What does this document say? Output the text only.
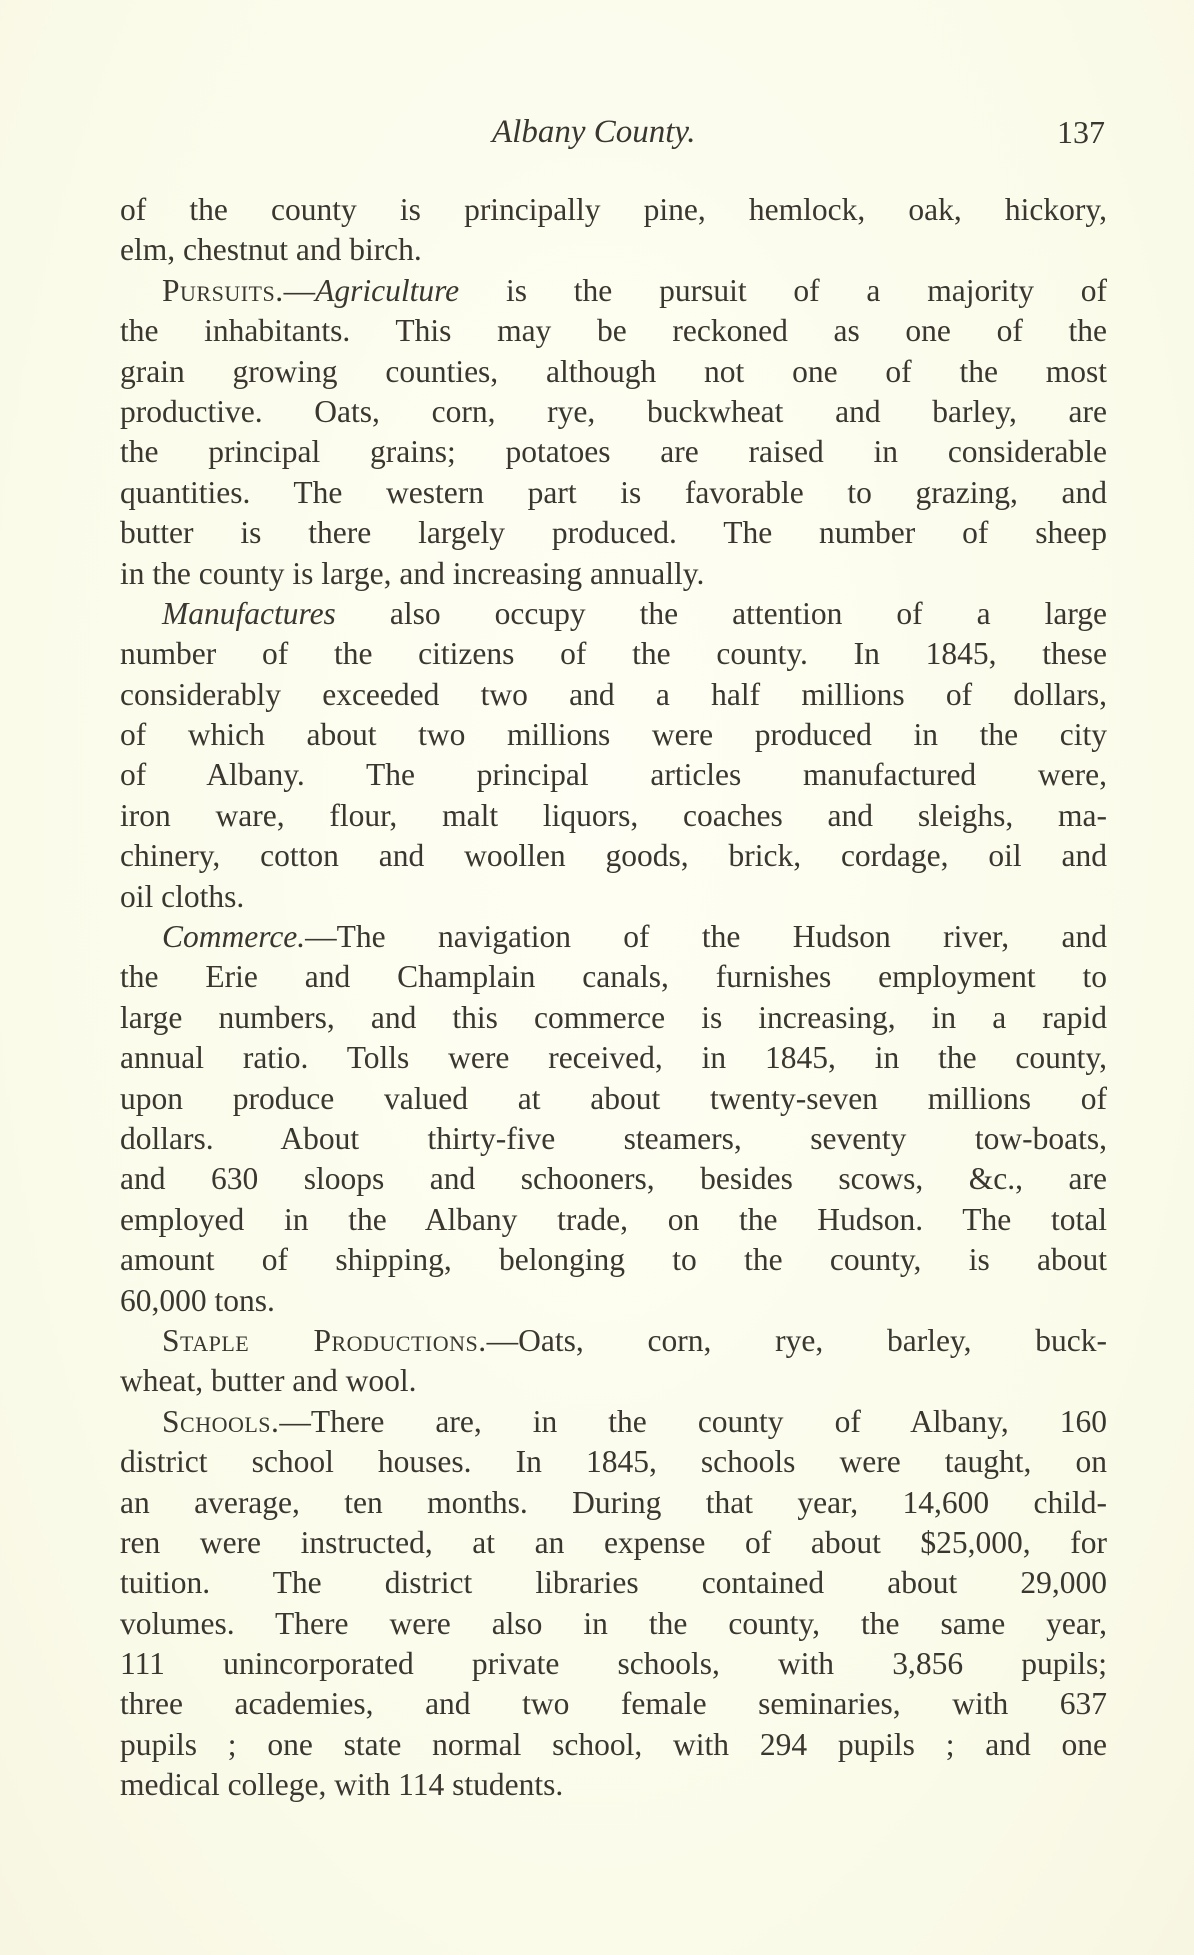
Albany County.	137
of the county is principally pine, hemlock, oak, hickory,
elm, chestnut and birch.
Pursuits.—Agriculture is the pursuit of a majority of
the inhabitants. This may be reckoned as one of the
grain growing counties, although not one of the most
productive. Oats, corn, rye, buckwheat and barley, are
the principal grains; potatoes are raised in considerable
quantities. The western part is favorable to grazing, and
butter is there largely produced. The number of sheep
in the county is large, and increasing annually.
Manufactures also occupy the attention of a large
number of the citizens of the county. In 1845, these
considerably exceeded two and a half millions of dollars,
of which about two millions were produced in the city
of Albany. The principal articles manufactured were,
iron ware, flour, malt liquors, coaches and sleighs, ma-
chinery, cotton and woollen goods, brick, cordage, oil and
oil cloths.
Commerce.—The navigation of the Hudson river, and
the Erie and Champlain canals, furnishes employment to
large numbers, and this commerce is increasing, in a rapid
annual ratio. Tolls were received, in 1845, in the county,
upon produce valued at about twenty-seven millions of
dollars. About thirty-five steamers, seventy tow-boats,
and 630 sloops and schooners, besides scows, &c., are
employed in the Albany trade, on the Hudson. The total
amount of shipping, belonging to the county, is about
60,000 tons.
Staple Productions.—Oats, corn, rye, barley, buck-
wheat, butter and wool.
Schools.—There are, in the county of Albany, 160
district school houses. In 1845, schools were taught, on
an average, ten months. During that year, 14,600 child-
ren were instructed, at an expense of about $25,000, for
tuition. The district libraries contained about 29,000
volumes. There were also in the county, the same year,
111 unincorporated private schools, with 3,856 pupils;
three academies, and two female seminaries, with 637
pupils ; one state normal school, with 294 pupils ; and one
medical college, with 114 students.
